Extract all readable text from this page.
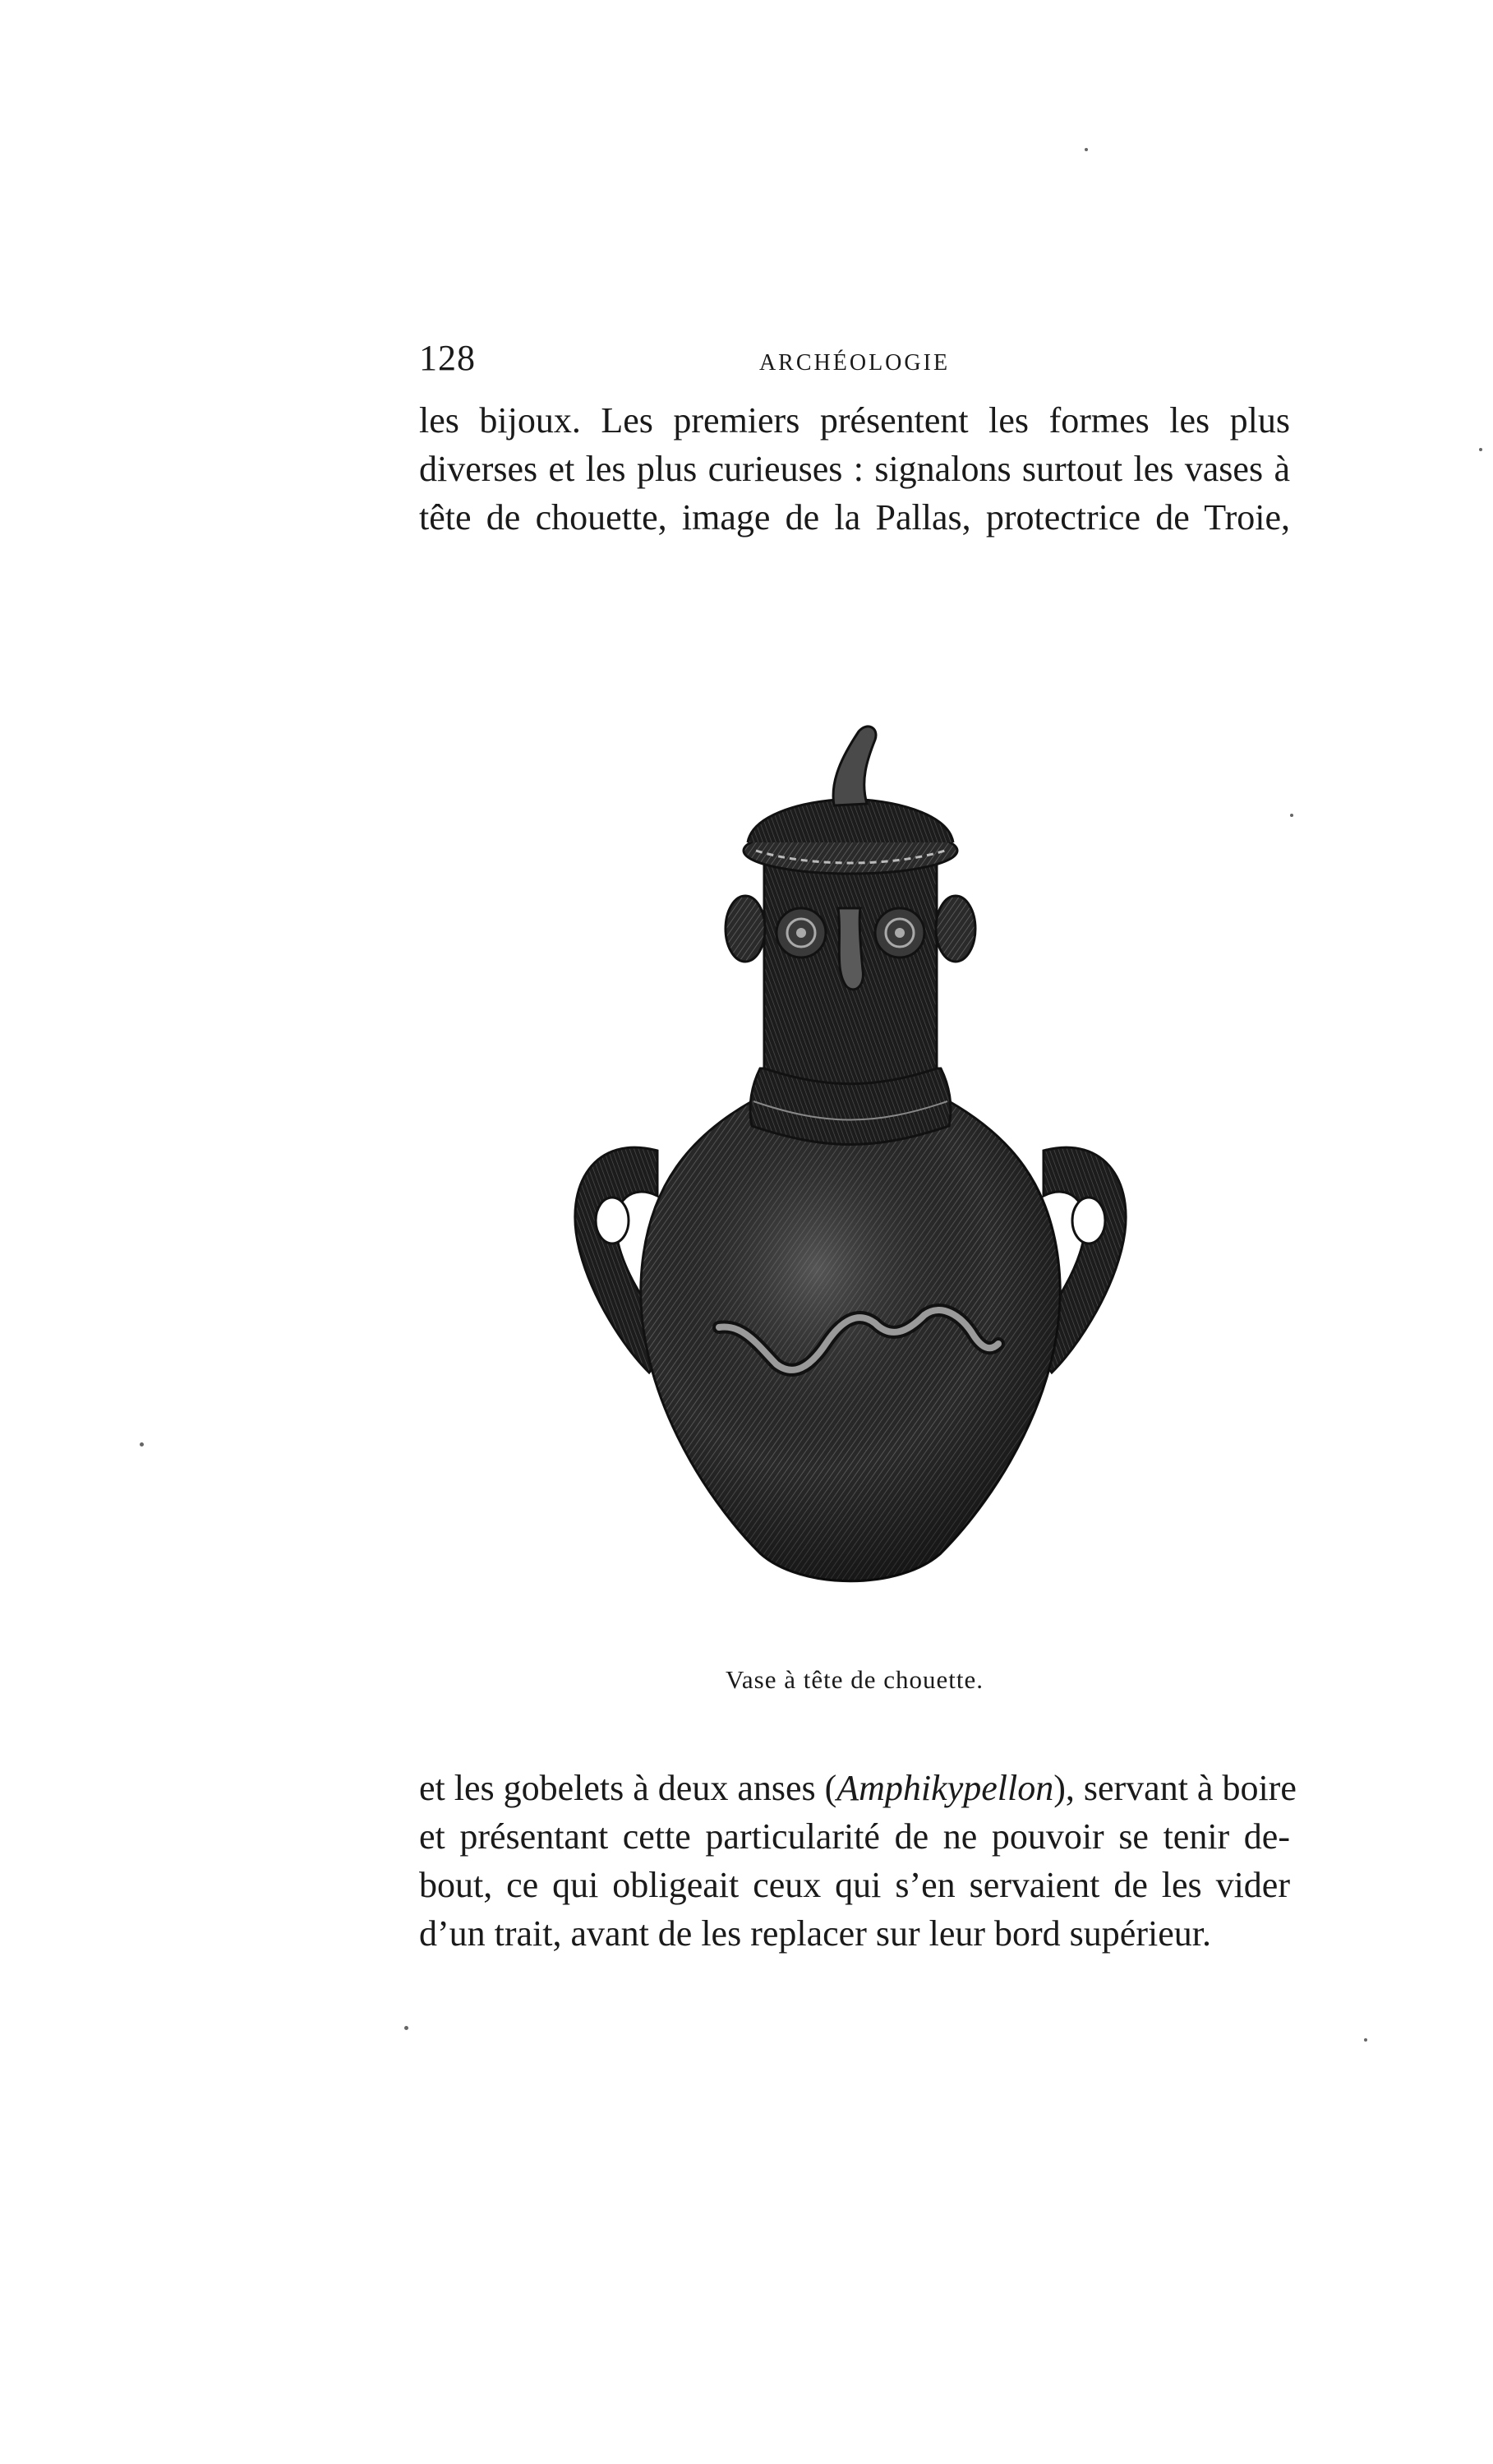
128	ARCHÉOLOGIE
les bijoux. Les premiers présentent les formes les plus
diverses et les plus curieuses : signalons surtout les vases à
tête de chouette, image de la Pallas, protectrice de Troie,
Vase à tête de chouette.
et les gobelets à deux anses (Amphikypellon), servant à boire
et présentant cette particularité de ne pouvoir se tenir de-
bout, ce qui obligeait ceux qui s’en servaient de les vider
d’un trait, avant de les replacer sur leur bord supérieur.
